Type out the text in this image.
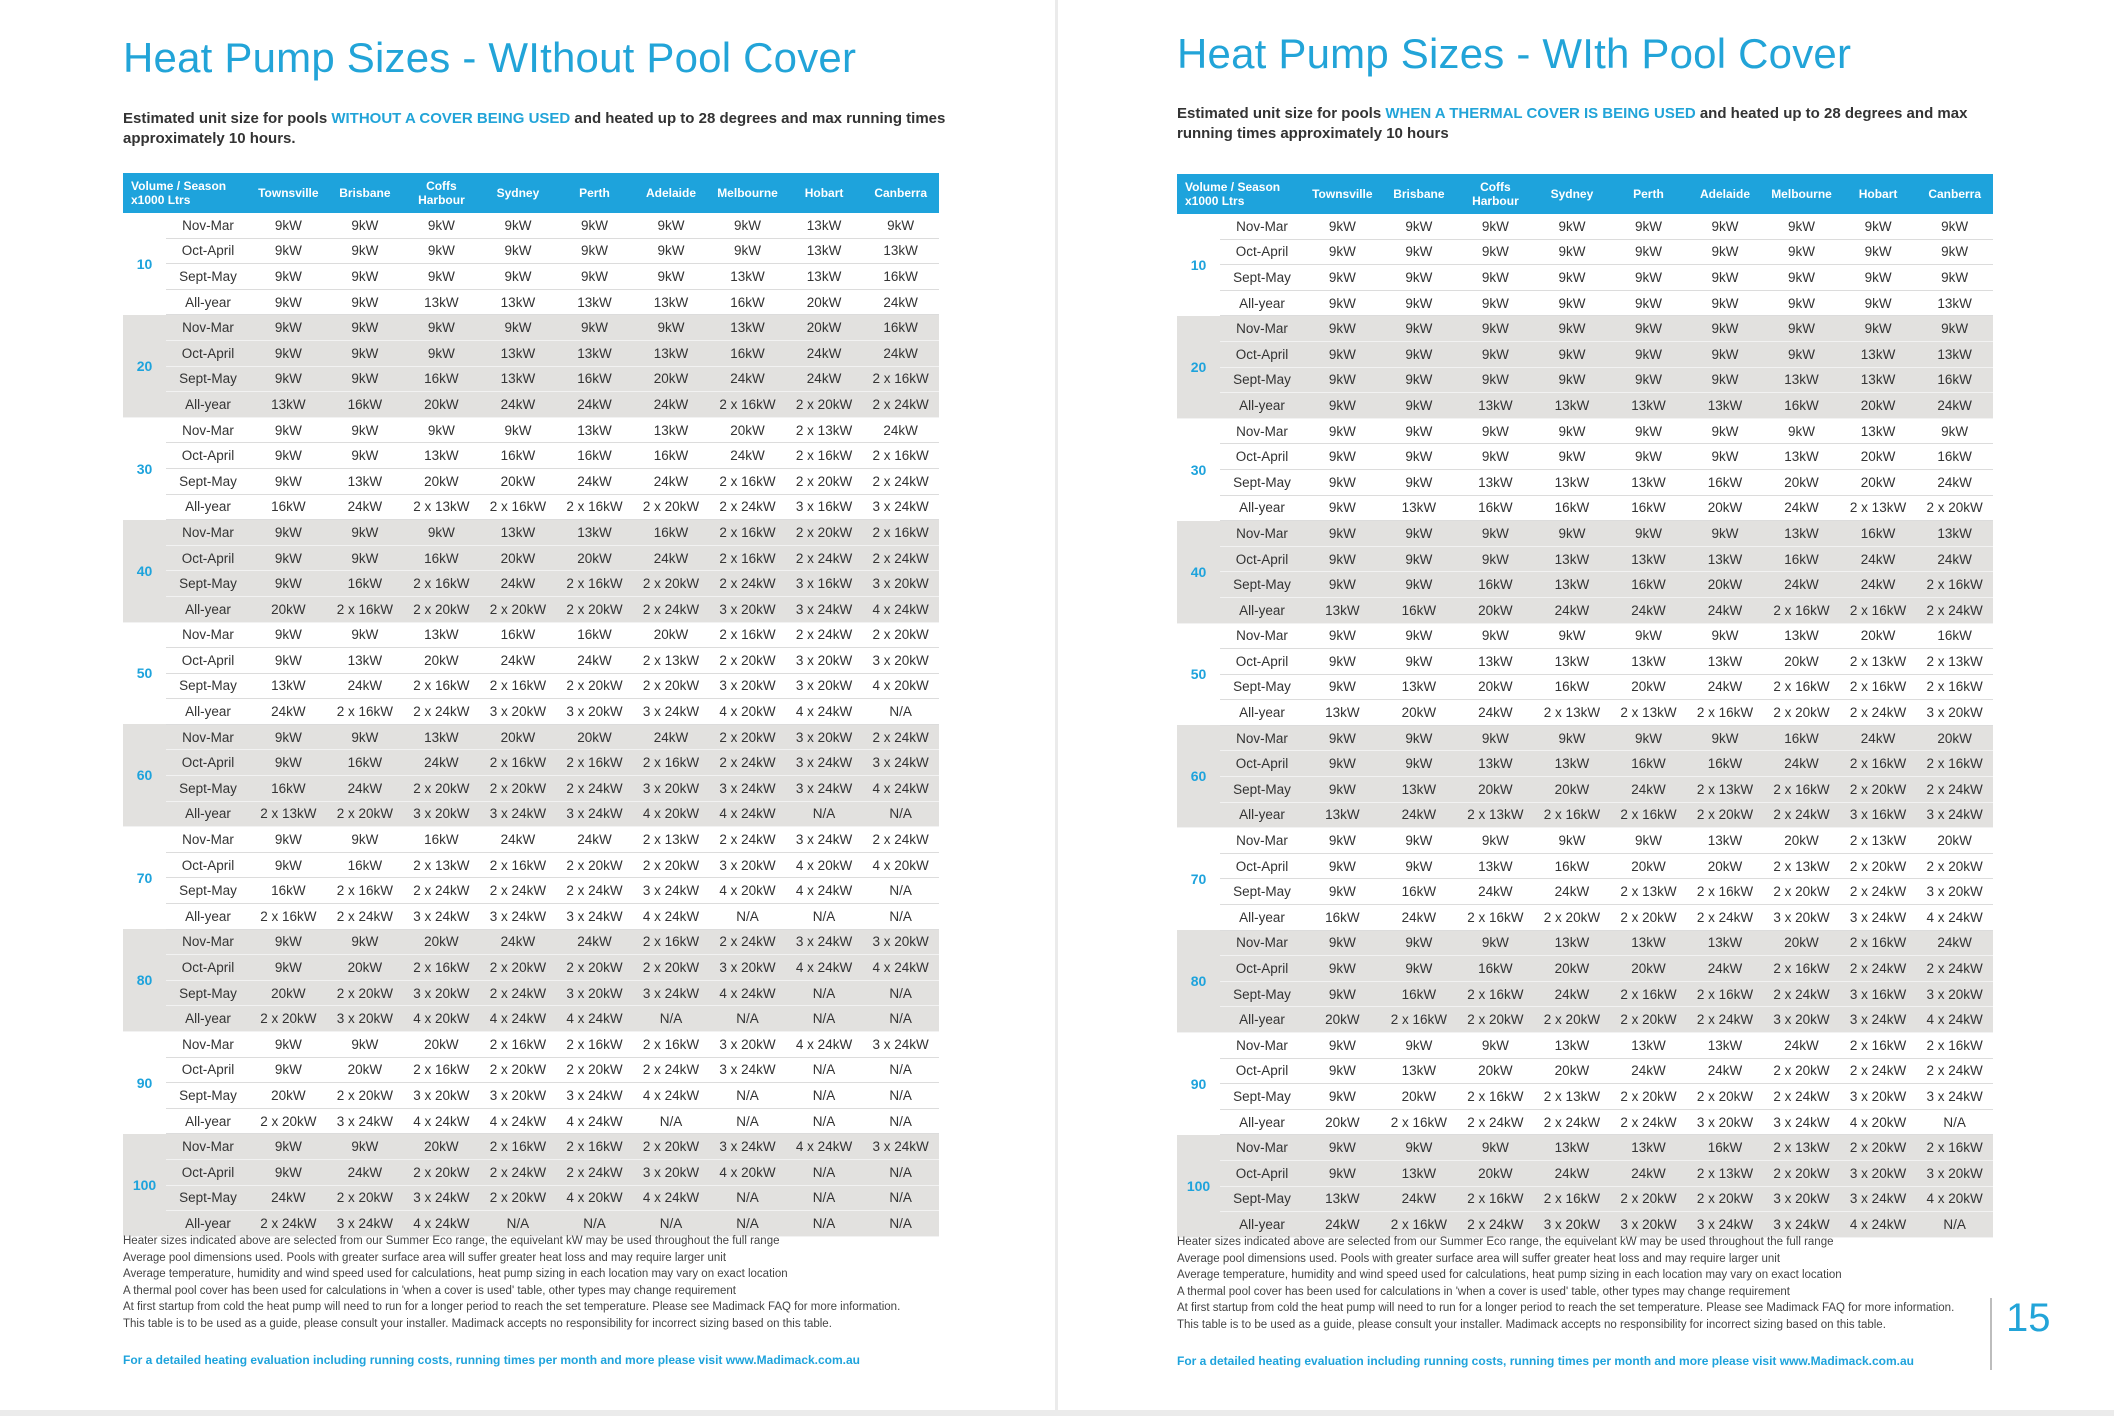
Heat Pump Sizes - WIthout Pool Cover
Estimated unit size for pools WITHOUT A COVER BEING USED and heated up to 28 degrees and max running times approximately 10 hours.
Volume / Season x1000 Ltrs		Townsville	Brisbane	Coffs Harbour	Sydney	Perth	Adelaide	Melbourne	Hobart	Canberra
10	Nov-Mar	9kW	9kW	9kW	9kW	9kW	9kW	9kW	13kW	9kW
	Oct-April	9kW	9kW	9kW	9kW	9kW	9kW	9kW	13kW	13kW
	Sept-May	9kW	9kW	9kW	9kW	9kW	9kW	13kW	13kW	16kW
	All-year	9kW	9kW	13kW	13kW	13kW	13kW	16kW	20kW	24kW
20	Nov-Mar	9kW	9kW	9kW	9kW	9kW	9kW	13kW	20kW	16kW
	Oct-April	9kW	9kW	9kW	13kW	13kW	13kW	16kW	24kW	24kW
	Sept-May	9kW	9kW	16kW	13kW	16kW	20kW	24kW	24kW	2 x 16kW
	All-year	13kW	16kW	20kW	24kW	24kW	24kW	2 x 16kW	2 x 20kW	2 x 24kW
30	Nov-Mar	9kW	9kW	9kW	9kW	13kW	13kW	20kW	2 x 13kW	24kW
	Oct-April	9kW	9kW	13kW	16kW	16kW	16kW	24kW	2 x 16kW	2 x 16kW
	Sept-May	9kW	13kW	20kW	20kW	24kW	24kW	2 x 16kW	2 x 20kW	2 x 24kW
	All-year	16kW	24kW	2 x 13kW	2 x 16kW	2 x 16kW	2 x 20kW	2 x 24kW	3 x 16kW	3 x 24kW
40	Nov-Mar	9kW	9kW	9kW	13kW	13kW	16kW	2 x 16kW	2 x 20kW	2 x 16kW
	Oct-April	9kW	9kW	16kW	20kW	20kW	24kW	2 x 16kW	2 x 24kW	2 x 24kW
	Sept-May	9kW	16kW	2 x 16kW	24kW	2 x 16kW	2 x 20kW	2 x 24kW	3 x 16kW	3 x 20kW
	All-year	20kW	2 x 16kW	2 x 20kW	2 x 20kW	2 x 20kW	2 x 24kW	3 x 20kW	3 x 24kW	4 x 24kW
50	Nov-Mar	9kW	9kW	13kW	16kW	16kW	20kW	2 x 16kW	2 x 24kW	2 x 20kW
	Oct-April	9kW	13kW	20kW	24kW	24kW	2 x 13kW	2 x 20kW	3 x 20kW	3 x 20kW
	Sept-May	13kW	24kW	2 x 16kW	2 x 16kW	2 x 20kW	2 x 20kW	3 x 20kW	3 x 20kW	4 x 20kW
	All-year	24kW	2 x 16kW	2 x 24kW	3 x 20kW	3 x 20kW	3 x 24kW	4 x 20kW	4 x 24kW	N/A
60	Nov-Mar	9kW	9kW	13kW	20kW	20kW	24kW	2 x 20kW	3 x 20kW	2 x 24kW
	Oct-April	9kW	16kW	24kW	2 x 16kW	2 x 16kW	2 x 16kW	2 x 24kW	3 x 24kW	3 x 24kW
	Sept-May	16kW	24kW	2 x 20kW	2 x 20kW	2 x 24kW	3 x 20kW	3 x 24kW	3 x 24kW	4 x 24kW
	All-year	2 x 13kW	2 x 20kW	3 x 20kW	3 x 24kW	3 x 24kW	4 x 20kW	4 x 24kW	N/A	N/A
70	Nov-Mar	9kW	9kW	16kW	24kW	24kW	2 x 13kW	2 x 24kW	3 x 24kW	2 x 24kW
	Oct-April	9kW	16kW	2 x 13kW	2 x 16kW	2 x 20kW	2 x 20kW	3 x 20kW	4 x 20kW	4 x 20kW
	Sept-May	16kW	2 x 16kW	2 x 24kW	2 x 24kW	2 x 24kW	3 x 24kW	4 x 20kW	4 x 24kW	N/A
	All-year	2 x 16kW	2 x 24kW	3 x 24kW	3 x 24kW	3 x 24kW	4 x 24kW	N/A	N/A	N/A
80	Nov-Mar	9kW	9kW	20kW	24kW	24kW	2 x 16kW	2 x 24kW	3 x 24kW	3 x 20kW
	Oct-April	9kW	20kW	2 x 16kW	2 x 20kW	2 x 20kW	2 x 20kW	3 x 20kW	4 x 24kW	4 x 24kW
	Sept-May	20kW	2 x 20kW	3 x 20kW	2 x 24kW	3 x 20kW	3 x 24kW	4 x 24kW	N/A	N/A
	All-year	2 x 20kW	3 x 20kW	4 x 20kW	4 x 24kW	4 x 24kW	N/A	N/A	N/A	N/A
90	Nov-Mar	9kW	9kW	20kW	2 x 16kW	2 x 16kW	2 x 16kW	3 x 20kW	4 x 24kW	3 x 24kW
	Oct-April	9kW	20kW	2 x 16kW	2 x 20kW	2 x 20kW	2 x 24kW	3 x 24kW	N/A	N/A
	Sept-May	20kW	2 x 20kW	3 x 20kW	3 x 20kW	3 x 24kW	4 x 24kW	N/A	N/A	N/A
	All-year	2 x 20kW	3 x 24kW	4 x 24kW	4 x 24kW	4 x 24kW	N/A	N/A	N/A	N/A
100	Nov-Mar	9kW	9kW	20kW	2 x 16kW	2 x 16kW	2 x 20kW	3 x 24kW	4 x 24kW	3 x 24kW
	Oct-April	9kW	24kW	2 x 20kW	2 x 24kW	2 x 24kW	3 x 20kW	4 x 20kW	N/A	N/A
	Sept-May	24kW	2 x 20kW	3 x 24kW	2 x 20kW	4 x 20kW	4 x 24kW	N/A	N/A	N/A
	All-year	2 x 24kW	3 x 24kW	4 x 24kW	N/A	N/A	N/A	N/A	N/A	N/A
Heater sizes indicated above are selected from our Summer Eco range, the equivelant kW may be used throughout the full range
Average pool dimensions used. Pools with greater surface area will suffer greater heat loss and may require larger unit
Average temperature, humidity and wind speed used for calculations, heat pump sizing in each location may vary on exact location
A thermal pool cover has been used for calculations in 'when a cover is used' table, other types may change requirement
At first startup from cold the heat pump will need to run for a longer period to reach the set temperature. Please see Madimack FAQ for more information.
This table is to be used as a guide, please consult your installer. Madimack accepts no responsibility for incorrect sizing based on this table.
For a detailed heating evaluation including running costs, running times per month and more please visit www.Madimack.com.au
Heat Pump Sizes - WIth Pool Cover
Estimated unit size for pools WHEN A THERMAL COVER IS BEING USED and heated up to 28 degrees and max running times approximately 10 hours
Volume / Season x1000 Ltrs		Townsville	Brisbane	Coffs Harbour	Sydney	Perth	Adelaide	Melbourne	Hobart	Canberra
10	Nov-Mar	9kW	9kW	9kW	9kW	9kW	9kW	9kW	9kW	9kW
	Oct-April	9kW	9kW	9kW	9kW	9kW	9kW	9kW	9kW	9kW
	Sept-May	9kW	9kW	9kW	9kW	9kW	9kW	9kW	9kW	9kW
	All-year	9kW	9kW	9kW	9kW	9kW	9kW	9kW	9kW	13kW
20	Nov-Mar	9kW	9kW	9kW	9kW	9kW	9kW	9kW	9kW	9kW
	Oct-April	9kW	9kW	9kW	9kW	9kW	9kW	9kW	13kW	13kW
	Sept-May	9kW	9kW	9kW	9kW	9kW	9kW	13kW	13kW	16kW
	All-year	9kW	9kW	13kW	13kW	13kW	13kW	16kW	20kW	24kW
30	Nov-Mar	9kW	9kW	9kW	9kW	9kW	9kW	9kW	13kW	9kW
	Oct-April	9kW	9kW	9kW	9kW	9kW	9kW	13kW	20kW	16kW
	Sept-May	9kW	9kW	13kW	13kW	13kW	16kW	20kW	20kW	24kW
	All-year	9kW	13kW	16kW	16kW	16kW	20kW	24kW	2 x 13kW	2 x 20kW
40	Nov-Mar	9kW	9kW	9kW	9kW	9kW	9kW	13kW	16kW	13kW
	Oct-April	9kW	9kW	9kW	13kW	13kW	13kW	16kW	24kW	24kW
	Sept-May	9kW	9kW	16kW	13kW	16kW	20kW	24kW	24kW	2 x 16kW
	All-year	13kW	16kW	20kW	24kW	24kW	24kW	2 x 16kW	2 x 16kW	2 x 24kW
50	Nov-Mar	9kW	9kW	9kW	9kW	9kW	9kW	13kW	20kW	16kW
	Oct-April	9kW	9kW	13kW	13kW	13kW	13kW	20kW	2 x 13kW	2 x 13kW
	Sept-May	9kW	13kW	20kW	16kW	20kW	24kW	2 x 16kW	2 x 16kW	2 x 16kW
	All-year	13kW	20kW	24kW	2 x 13kW	2 x 13kW	2 x 16kW	2 x 20kW	2 x 24kW	3 x 20kW
60	Nov-Mar	9kW	9kW	9kW	9kW	9kW	9kW	16kW	24kW	20kW
	Oct-April	9kW	9kW	13kW	13kW	16kW	16kW	24kW	2 x 16kW	2 x 16kW
	Sept-May	9kW	13kW	20kW	20kW	24kW	2 x 13kW	2 x 16kW	2 x 20kW	2 x 24kW
	All-year	13kW	24kW	2 x 13kW	2 x 16kW	2 x 16kW	2 x 20kW	2 x 24kW	3 x 16kW	3 x 24kW
70	Nov-Mar	9kW	9kW	9kW	9kW	9kW	13kW	20kW	2 x 13kW	20kW
	Oct-April	9kW	9kW	13kW	16kW	20kW	20kW	2 x 13kW	2 x 20kW	2 x 20kW
	Sept-May	9kW	16kW	24kW	24kW	2 x 13kW	2 x 16kW	2 x 20kW	2 x 24kW	3 x 20kW
	All-year	16kW	24kW	2 x 16kW	2 x 20kW	2 x 20kW	2 x 24kW	3 x 20kW	3 x 24kW	4 x 24kW
80	Nov-Mar	9kW	9kW	9kW	13kW	13kW	13kW	20kW	2 x 16kW	24kW
	Oct-April	9kW	9kW	16kW	20kW	20kW	24kW	2 x 16kW	2 x 24kW	2 x 24kW
	Sept-May	9kW	16kW	2 x 16kW	24kW	2 x 16kW	2 x 16kW	2 x 24kW	3 x 16kW	3 x 20kW
	All-year	20kW	2 x 16kW	2 x 20kW	2 x 20kW	2 x 20kW	2 x 24kW	3 x 20kW	3 x 24kW	4 x 24kW
90	Nov-Mar	9kW	9kW	9kW	13kW	13kW	13kW	24kW	2 x 16kW	2 x 16kW
	Oct-April	9kW	13kW	20kW	20kW	24kW	24kW	2 x 20kW	2 x 24kW	2 x 24kW
	Sept-May	9kW	20kW	2 x 16kW	2 x 13kW	2 x 20kW	2 x 20kW	2 x 24kW	3 x 20kW	3 x 24kW
	All-year	20kW	2 x 16kW	2 x 24kW	2 x 24kW	2 x 24kW	3 x 20kW	3 x 24kW	4 x 20kW	N/A
100	Nov-Mar	9kW	9kW	9kW	13kW	13kW	16kW	2 x 13kW	2 x 20kW	2 x 16kW
	Oct-April	9kW	13kW	20kW	24kW	24kW	2 x 13kW	2 x 20kW	3 x 20kW	3 x 20kW
	Sept-May	13kW	24kW	2 x 16kW	2 x 16kW	2 x 20kW	2 x 20kW	3 x 20kW	3 x 24kW	4 x 20kW
	All-year	24kW	2 x 16kW	2 x 24kW	3 x 20kW	3 x 20kW	3 x 24kW	3 x 24kW	4 x 24kW	N/A
Heater sizes indicated above are selected from our Summer Eco range, the equivelant kW may be used throughout the full range
Average pool dimensions used. Pools with greater surface area will suffer greater heat loss and may require larger unit
Average temperature, humidity and wind speed used for calculations, heat pump sizing in each location may vary on exact location
A thermal pool cover has been used for calculations in 'when a cover is used' table, other types may change requirement
At first startup from cold the heat pump will need to run for a longer period to reach the set temperature. Please see Madimack FAQ for more information.
This table is to be used as a guide, please consult your installer. Madimack accepts no responsibility for incorrect sizing based on this table.
For a detailed heating evaluation including running costs, running times per month and more please visit www.Madimack.com.au
15
